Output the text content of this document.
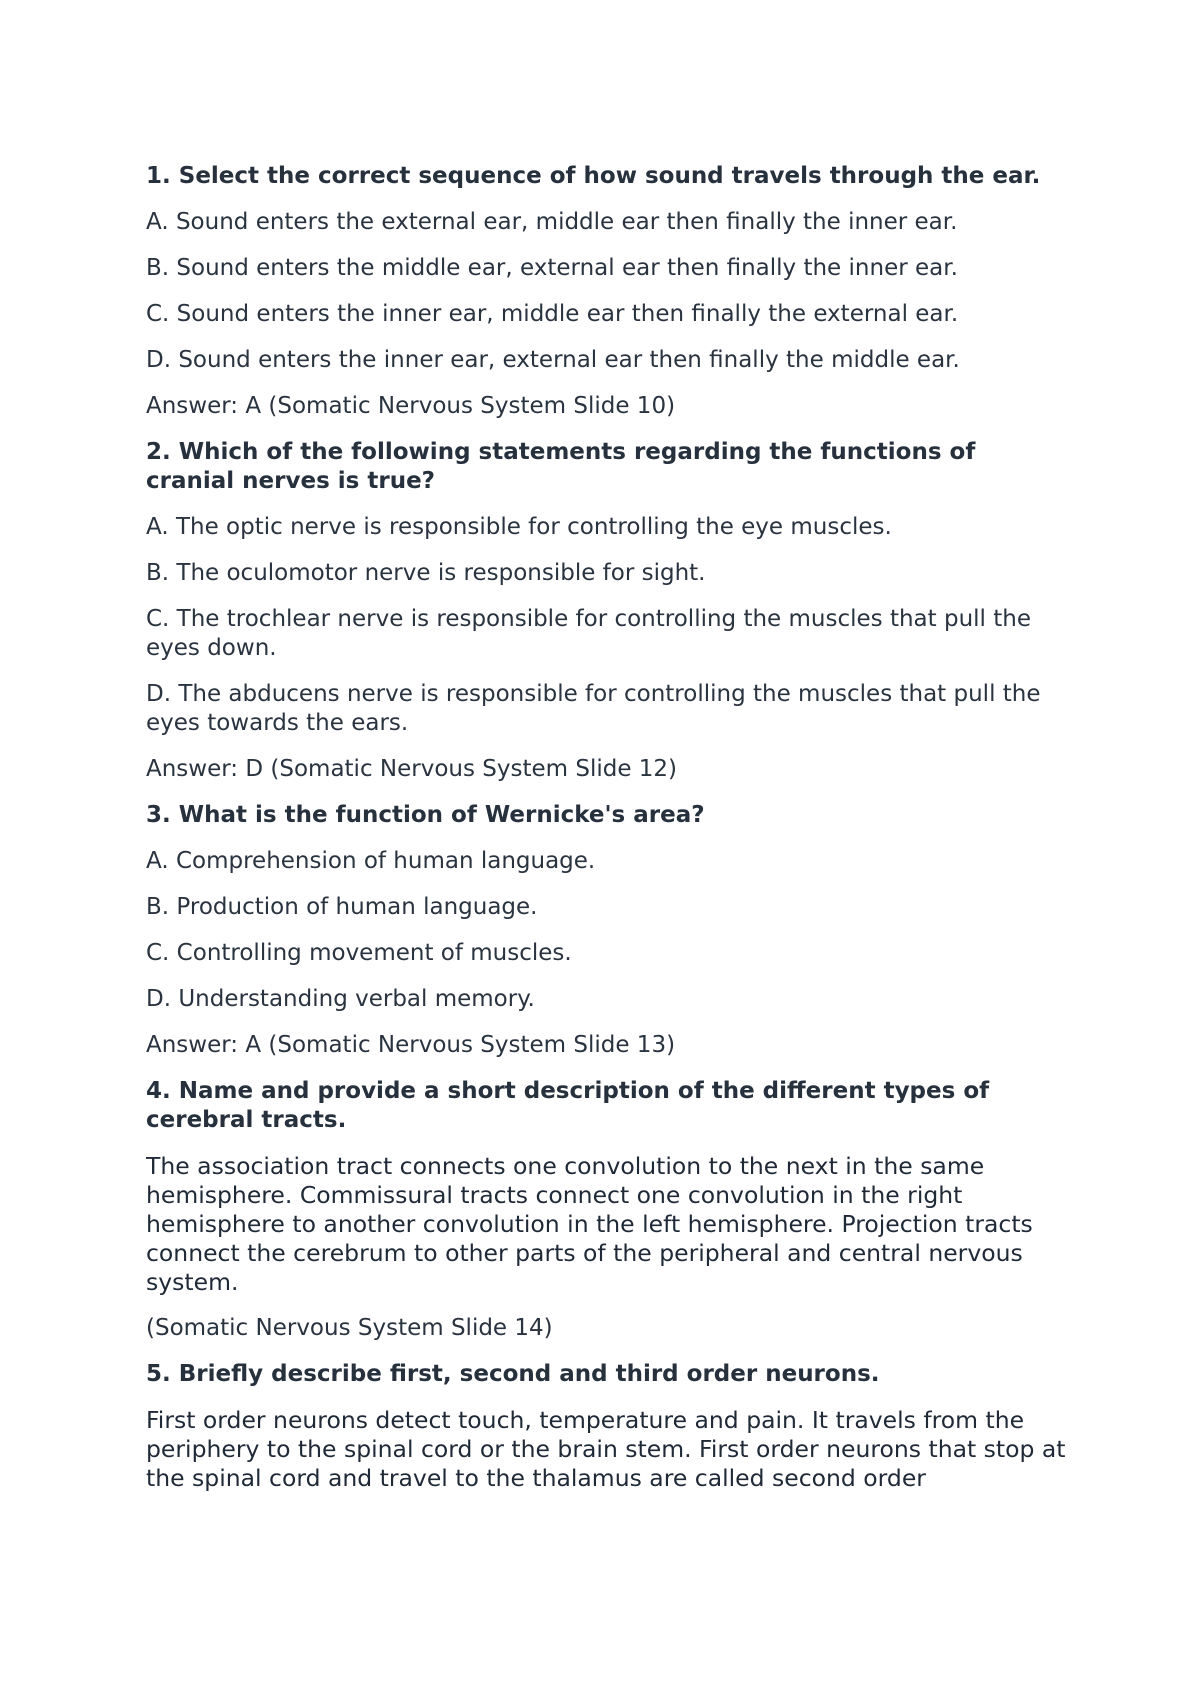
1. Select the correct sequence of how sound travels through the ear.

A. Sound enters the external ear, middle ear then finally the inner ear.

B. Sound enters the middle ear, external ear then finally the inner ear.

C. Sound enters the inner ear, middle ear then finally the external ear.

D. Sound enters the inner ear, external ear then finally the middle ear.

Answer: A (Somatic Nervous System Slide 10)

2. Which of the following statements regarding the functions of cranial nerves is true?

A. The optic nerve is responsible for controlling the eye muscles.

B. The oculomotor nerve is responsible for sight.

C. The trochlear nerve is responsible for controlling the muscles that pull the eyes down.

D. The abducens nerve is responsible for controlling the muscles that pull the eyes towards the ears.

Answer: D (Somatic Nervous System Slide 12)

3. What is the function of Wernicke's area?

A. Comprehension of human language.

B. Production of human language.

C. Controlling movement of muscles.

D. Understanding verbal memory.

Answer: A (Somatic Nervous System Slide 13)

4. Name and provide a short description of the different types of cerebral tracts.

The association tract connects one convolution to the next in the same hemisphere. Commissural tracts connect one convolution in the right hemisphere to another convolution in the left hemisphere. Projection tracts connect the cerebrum to other parts of the peripheral and central nervous system.

(Somatic Nervous System Slide 14)

5. Briefly describe first, second and third order neurons.

First order neurons detect touch, temperature and pain. It travels from the periphery to the spinal cord or the brain stem. First order neurons that stop at the spinal cord and travel to the thalamus are called second order
